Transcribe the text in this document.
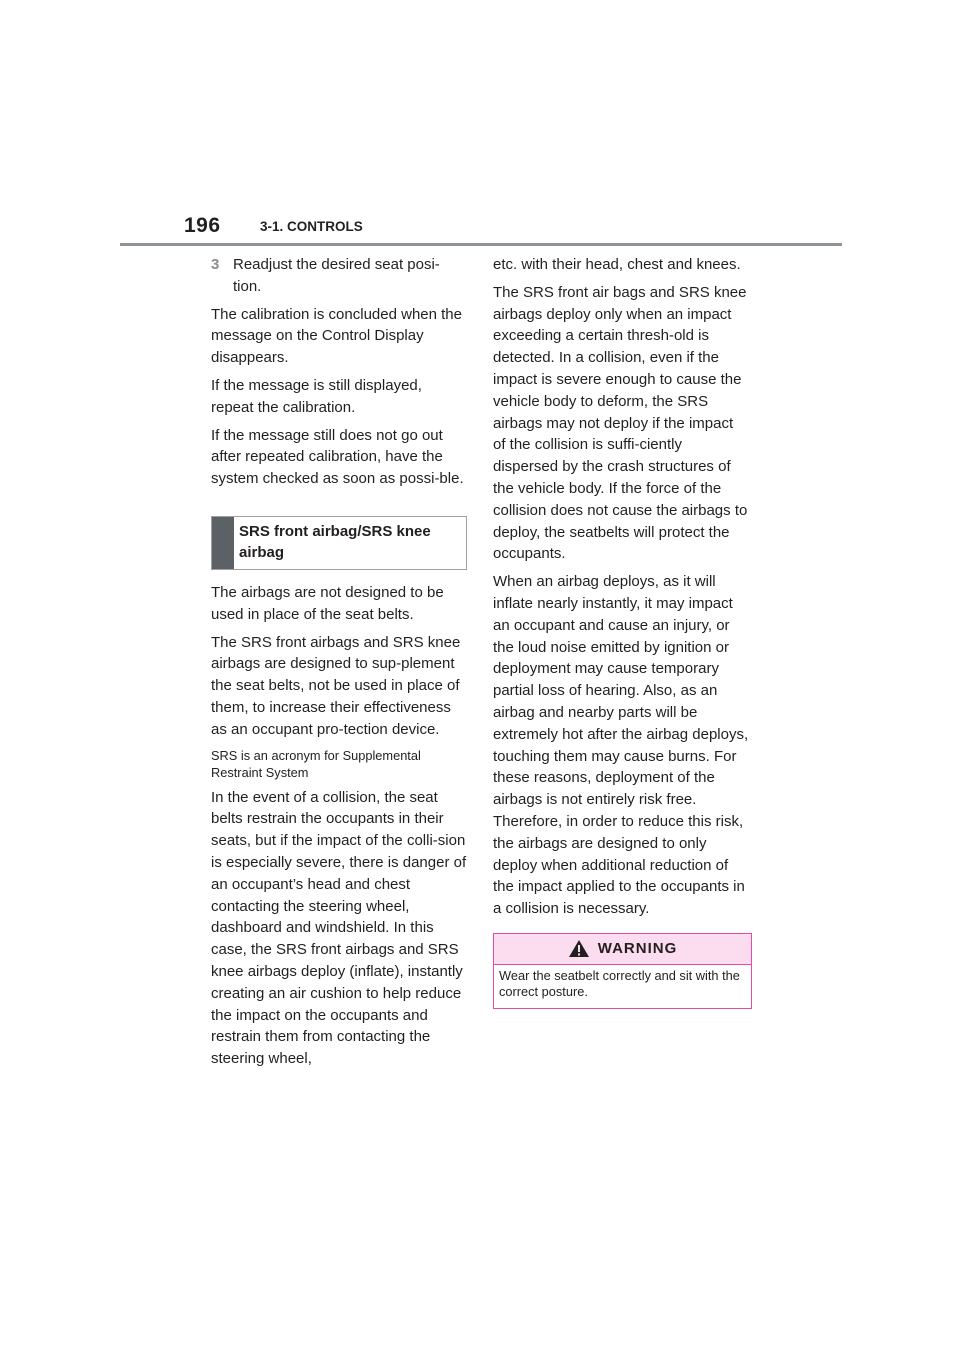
196	3-1. CONTROLS
3 Readjust the desired seat posi-tion.

The calibration is concluded when the message on the Control Display disappears.

If the message is still displayed, repeat the calibration.

If the message still does not go out after repeated calibration, have the system checked as soon as possi-ble.

SRS front airbag/SRS knee airbag

The airbags are not designed to be used in place of the seat belts.

The SRS front airbags and SRS knee airbags are designed to sup-plement the seat belts, not be used in place of them, to increase their effectiveness as an occupant pro-tection device.

SRS is an acronym for Supplemental Restraint System

In the event of a collision, the seat belts restrain the occupants in their seats, but if the impact of the colli-sion is especially severe, there is danger of an occupant’s head and chest contacting the steering wheel, dashboard and windshield. In this case, the SRS front airbags and SRS knee airbags deploy (inflate), instantly creating an air cushion to help reduce the impact on the occupants and restrain them from contacting the steering wheel,

etc. with their head, chest and knees.

The SRS front air bags and SRS knee airbags deploy only when an impact exceeding a certain thresh-old is detected. In a collision, even if the impact is severe enough to cause the vehicle body to deform, the SRS airbags may not deploy if the impact of the collision is suffi-ciently dispersed by the crash structures of the vehicle body. If the force of the collision does not cause the airbags to deploy, the seatbelts will protect the occupants.

When an airbag deploys, as it will inflate nearly instantly, it may impact an occupant and cause an injury, or the loud noise emitted by ignition or deployment may cause temporary partial loss of hearing. Also, as an airbag and nearby parts will be extremely hot after the airbag deploys, touching them may cause burns. For these reasons, deployment of the airbags is not entirely risk free. Therefore, in order to reduce this risk, the airbags are designed to only deploy when additional reduction of the impact applied to the occupants in a collision is necessary.

WARNING
Wear the seatbelt correctly and sit with the correct posture.
